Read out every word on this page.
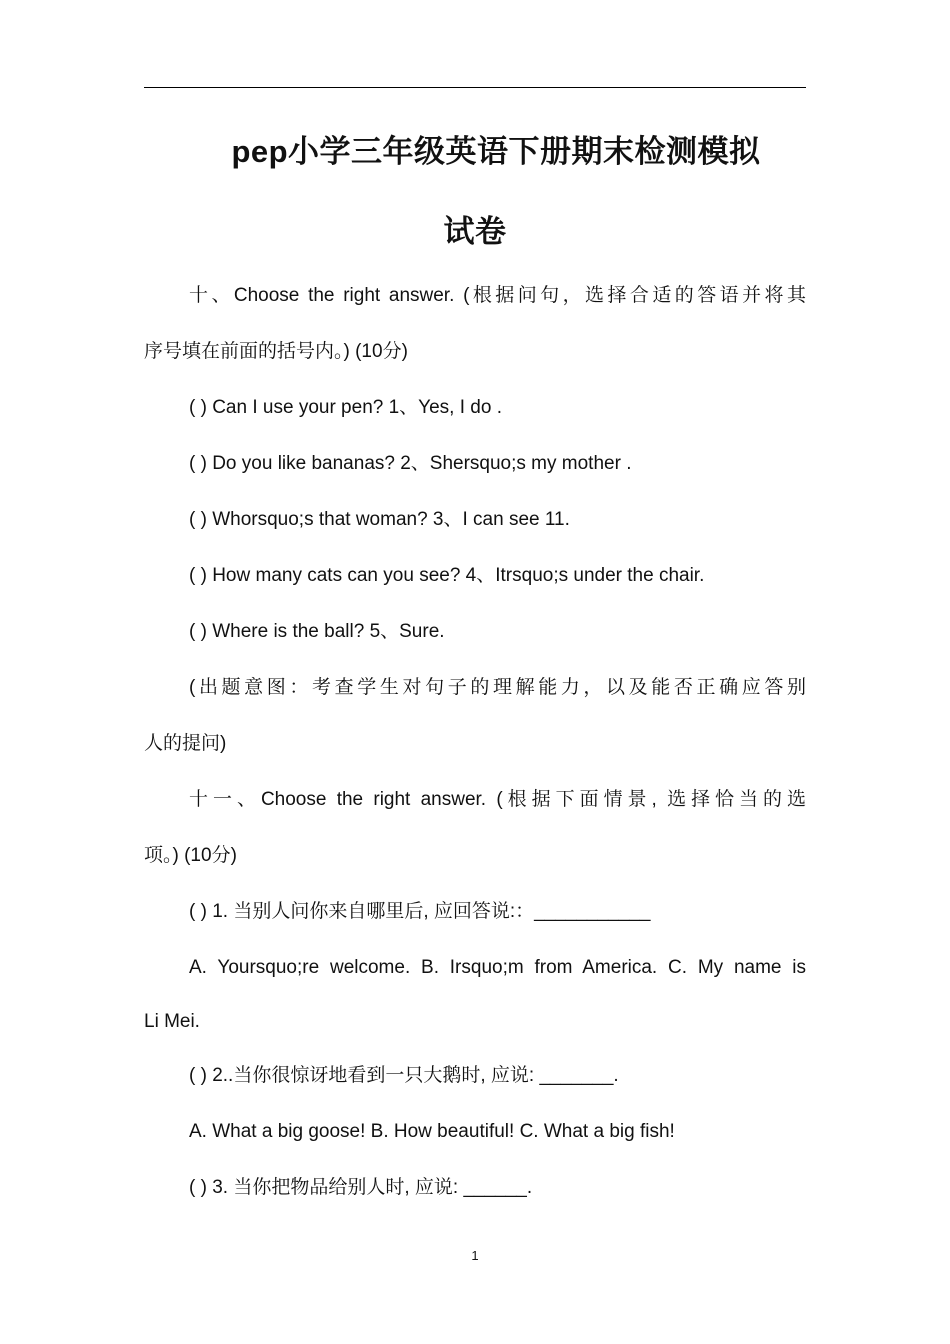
pep小学三年级英语下册期末检测模拟
试卷
十、Choose the right answer. (根据问句，选择合适的答语并将其
序号填在前面的括号内。) (10分)
( ) Can I use your pen? 1、Yes, I do .
( ) Do you like bananas? 2、Shersquo;s my mother .
( ) Whorsquo;s that woman? 3、I can see 11.
( ) How many cats can you see? 4、Itrsquo;s under the chair.
( ) Where is the ball? 5、Sure.
(出题意图：考查学生对句子的理解能力，以及能否正确应答别
人的提问)
十一、Choose the right answer. (根据下面情景, 选择恰当的选
项。) (10分)
( ) 1. 当别人问你来自哪里后, 应回答说:：___________
A. Yoursquo;re welcome. B. Irsquo;m from America. C. My name is
Li Mei.
( ) 2..当你很惊讶地看到一只大鹅时, 应说: _______.
A. What a big goose! B. How beautiful! C. What a big fish!
( ) 3. 当你把物品给别人时, 应说: ______.
1
